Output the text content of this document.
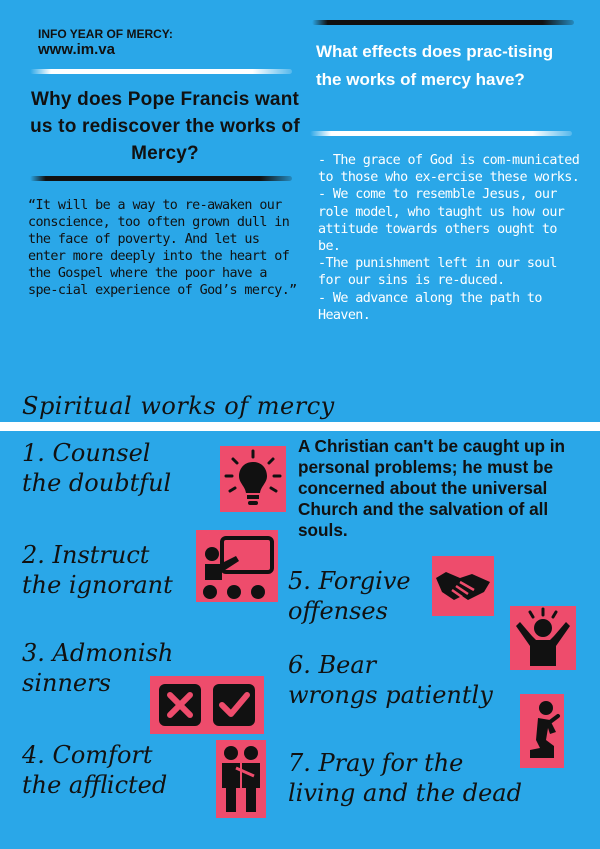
INFO YEAR OF MERCY:
www.im.va
Why does Pope Francis want us to rediscover the works of Mercy?
“It will be a way to re-awaken our conscience, too often grown dull in the face of poverty. And let us enter more deeply into the heart of the Gospel where the poor have a spe-cial experience of God’s mercy.”
What effects does prac-tising the works of mercy have?
- The grace of God is com-municated to those who ex-ercise these works.
- We come to resemble Jesus, our role model, who taught us how our attitude towards others ought to be.
-The punishment left in our soul for our sins is re-duced.
- We advance along the path to Heaven.
Spiritual works of mercy
A Christian can't be caught up in personal problems; he must be concerned about the universal Church and the salvation of all souls.
1. Counsel
the doubtful
2. Instruct
the ignorant
3. Admonish
sinners
4. Comfort
the afflicted
5. Forgive
offenses
6. Bear
wrongs patiently
7. Pray for the
living and the dead
